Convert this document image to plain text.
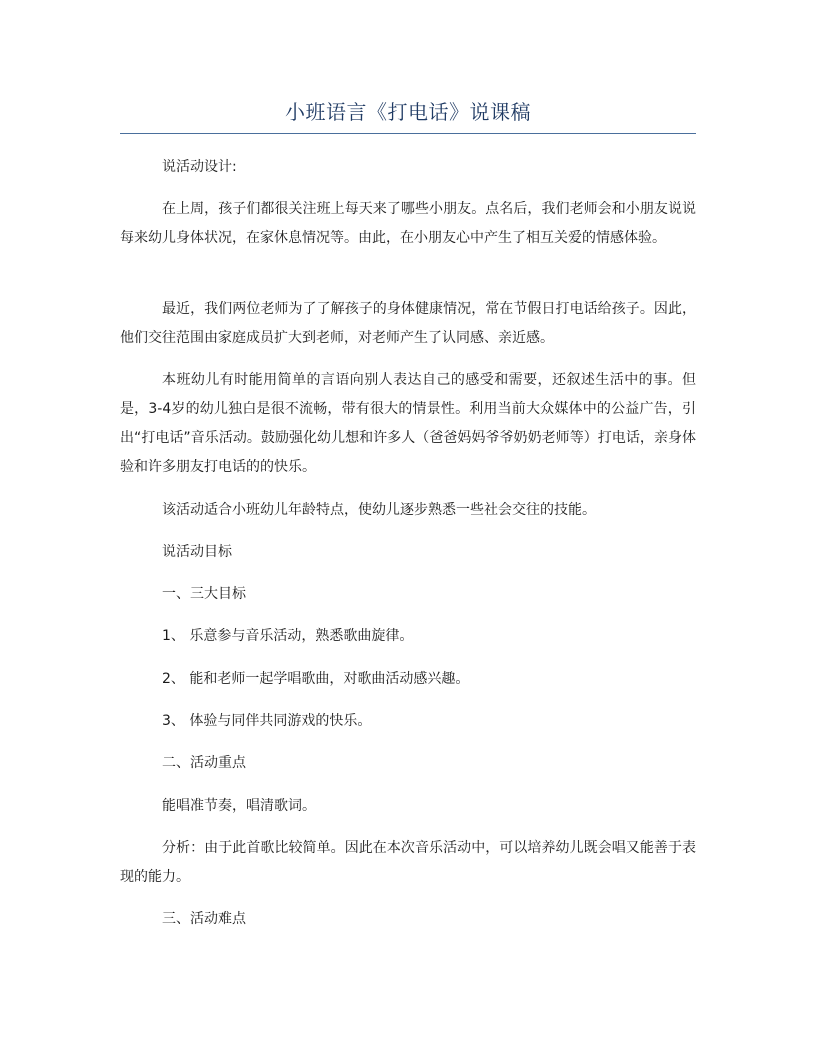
小班语言《打电话》说课稿

说活动设计:

在上周，孩子们都很关注班上每天来了哪些小朋友。点名后，我们老师会和小朋友说说每来幼儿身体状况，在家休息情况等。由此，在小朋友心中产生了相互关爱的情感体验。

最近，我们两位老师为了了解孩子的身体健康情况，常在节假日打电话给孩子。因此，他们交往范围由家庭成员扩大到老师，对老师产生了认同感、亲近感。

本班幼儿有时能用简单的言语向别人表达自己的感受和需要，还叙述生活中的事。但是，3-4岁的幼儿独白是很不流畅，带有很大的情景性。利用当前大众媒体中的公益广告，引出“打电话”音乐活动。鼓励强化幼儿想和许多人（爸爸妈妈爷爷奶奶老师等）打电话，亲身体验和许多朋友打电话的的快乐。

该活动适合小班幼儿年龄特点，使幼儿逐步熟悉一些社会交往的技能。

说活动目标

一、三大目标

1、 乐意参与音乐活动，熟悉歌曲旋律。

2、 能和老师一起学唱歌曲，对歌曲活动感兴趣。

3、 体验与同伴共同游戏的快乐。

二、活动重点

能唱准节奏，唱清歌词。

分析：由于此首歌比较简单。因此在本次音乐活动中，可以培养幼儿既会唱又能善于表现的能力。

三、活动难点
